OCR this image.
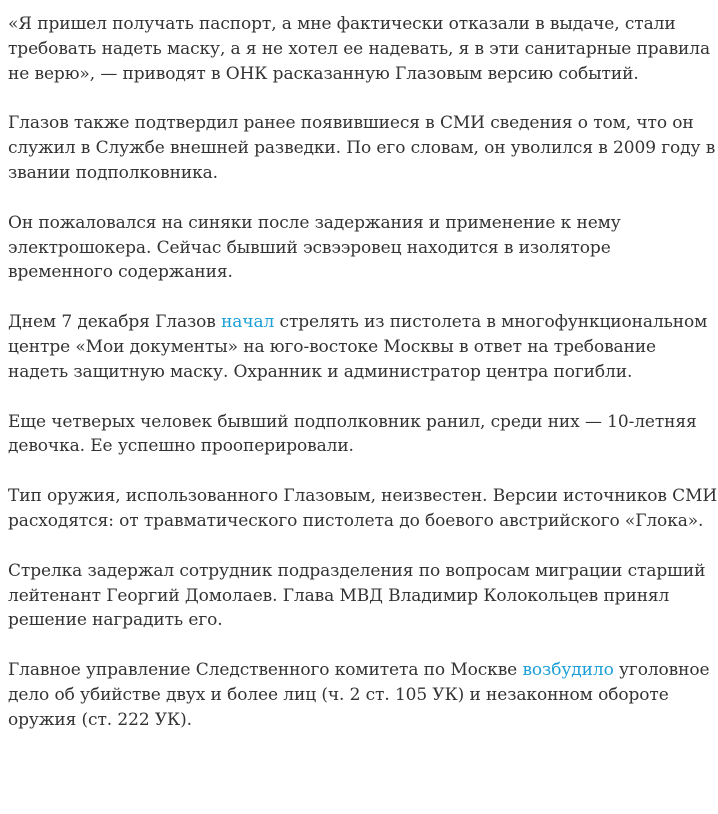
«Я пришел получать паспорт, а мне фактически отказали в выдаче, стали требовать надеть маску, а я не хотел ее надевать, я в эти санитарные правила не верю», — приводят в ОНК расказанную Глазовым версию событий.

Глазов также подтвердил ранее появившиеся в СМИ сведения о том, что он служил в Службе внешней разведки. По его словам, он уволился в 2009 году в звании подполковника.

Он пожаловался на синяки после задержания и применение к нему электрошокера. Сейчас бывший эсвээровец находится в изоляторе временного содержания.

Днем 7 декабря Глазов начал стрелять из пистолета в многофункциональном центре «Мои документы» на юго-востоке Москвы в ответ на требование надеть защитную маску. Охранник и администратор центра погибли.

Еще четверых человек бывший подполковник ранил, среди них — 10-летняя девочка. Ее успешно прооперировали.

Тип оружия, использованного Глазовым, неизвестен. Версии источников СМИ расходятся: от травматического пистолета до боевого австрийского «Глока».

Стрелка задержал сотрудник подразделения по вопросам миграции старший лейтенант Георгий Домолаев. Глава МВД Владимир Колокольцев принял решение наградить его.

Главное управление Следственного комитета по Москве возбудило уголовное дело об убийстве двух и более лиц (ч. 2 ст. 105 УК) и незаконном обороте оружия (ст. 222 УК).
